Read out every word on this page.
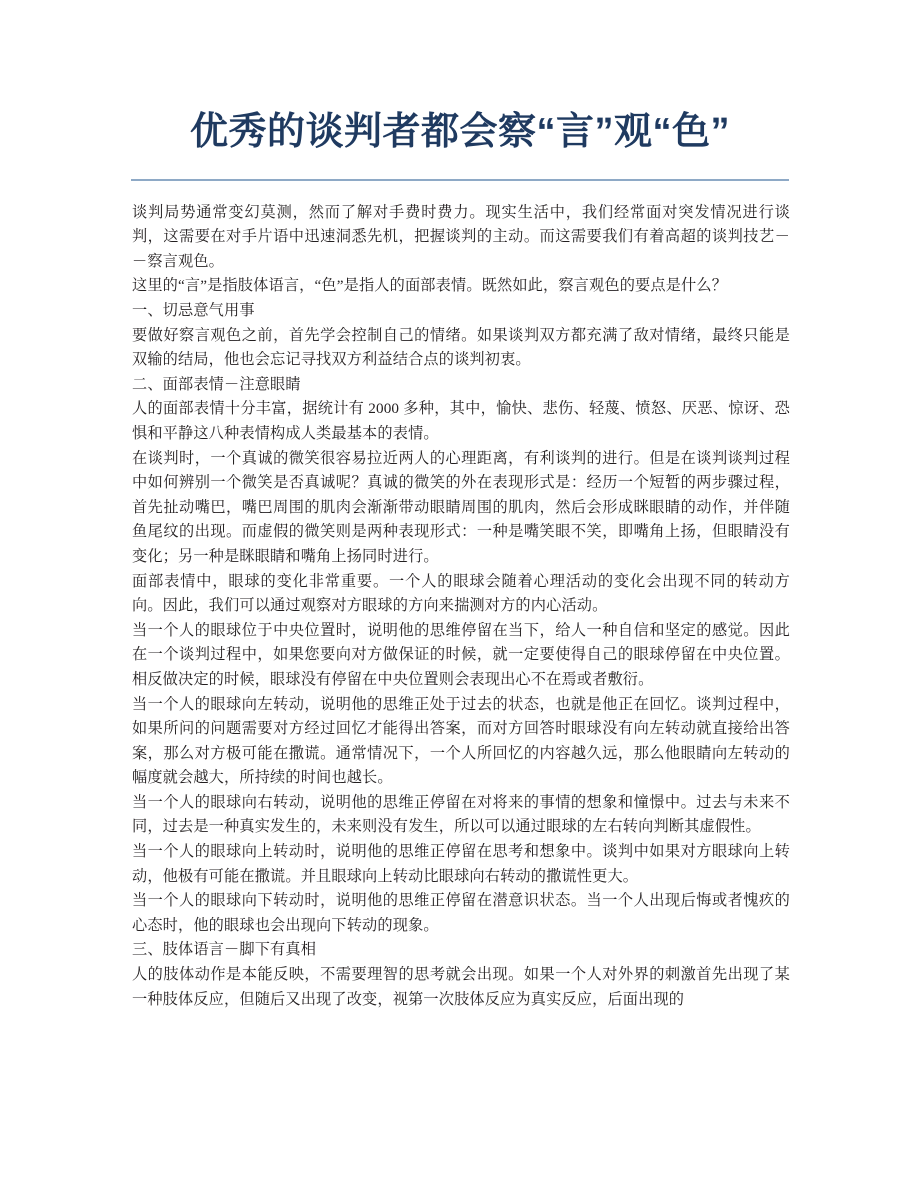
优秀的谈判者都会察“言”观“色”

谈判局势通常变幻莫测，然而了解对手费时费力。现实生活中，我们经常面对突发情况进行谈判，这需要在对手片语中迅速洞悉先机，把握谈判的主动。而这需要我们有着高超的谈判技艺－－察言观色。

这里的“言”是指肢体语言，“色”是指人的面部表情。既然如此，察言观色的要点是什么？

一、切忌意气用事

要做好察言观色之前，首先学会控制自己的情绪。如果谈判双方都充满了敌对情绪，最终只能是双输的结局，他也会忘记寻找双方利益结合点的谈判初衷。

二、面部表情－注意眼睛

人的面部表情十分丰富，据统计有 2000 多种，其中，愉快、悲伤、轻蔑、愤怒、厌恶、惊讶、恐惧和平静这八种表情构成人类最基本的表情。

在谈判时，一个真诚的微笑很容易拉近两人的心理距离，有利谈判的进行。但是在谈判谈判过程中如何辨别一个微笑是否真诚呢？真诚的微笑的外在表现形式是：经历一个短暂的两步骤过程，首先扯动嘴巴，嘴巴周围的肌肉会渐渐带动眼睛周围的肌肉，然后会形成眯眼睛的动作，并伴随鱼尾纹的出现。而虚假的微笑则是两种表现形式：一种是嘴笑眼不笑，即嘴角上扬，但眼睛没有变化；另一种是眯眼睛和嘴角上扬同时进行。

面部表情中，眼球的变化非常重要。一个人的眼球会随着心理活动的变化会出现不同的转动方向。因此，我们可以通过观察对方眼球的方向来揣测对方的内心活动。

当一个人的眼球位于中央位置时，说明他的思维停留在当下，给人一种自信和坚定的感觉。因此在一个谈判过程中，如果您要向对方做保证的时候，就一定要使得自己的眼球停留在中央位置。相反做决定的时候，眼球没有停留在中央位置则会表现出心不在焉或者敷衍。

当一个人的眼球向左转动，说明他的思维正处于过去的状态，也就是他正在回忆。谈判过程中，如果所问的问题需要对方经过回忆才能得出答案，而对方回答时眼球没有向左转动就直接给出答案，那么对方极可能在撒谎。通常情况下，一个人所回忆的内容越久远，那么他眼睛向左转动的幅度就会越大，所持续的时间也越长。

当一个人的眼球向右转动，说明他的思维正停留在对将来的事情的想象和憧憬中。过去与未来不同，过去是一种真实发生的，未来则没有发生，所以可以通过眼球的左右转向判断其虚假性。

当一个人的眼球向上转动时，说明他的思维正停留在思考和想象中。谈判中如果对方眼球向上转动，他极有可能在撒谎。并且眼球向上转动比眼球向右转动的撒谎性更大。

当一个人的眼球向下转动时，说明他的思维正停留在潜意识状态。当一个人出现后悔或者愧疚的心态时，他的眼球也会出现向下转动的现象。

三、肢体语言－脚下有真相

人的肢体动作是本能反映，不需要理智的思考就会出现。如果一个人对外界的刺激首先出现了某一种肢体反应，但随后又出现了改变，视第一次肢体反应为真实反应，后面出现的
